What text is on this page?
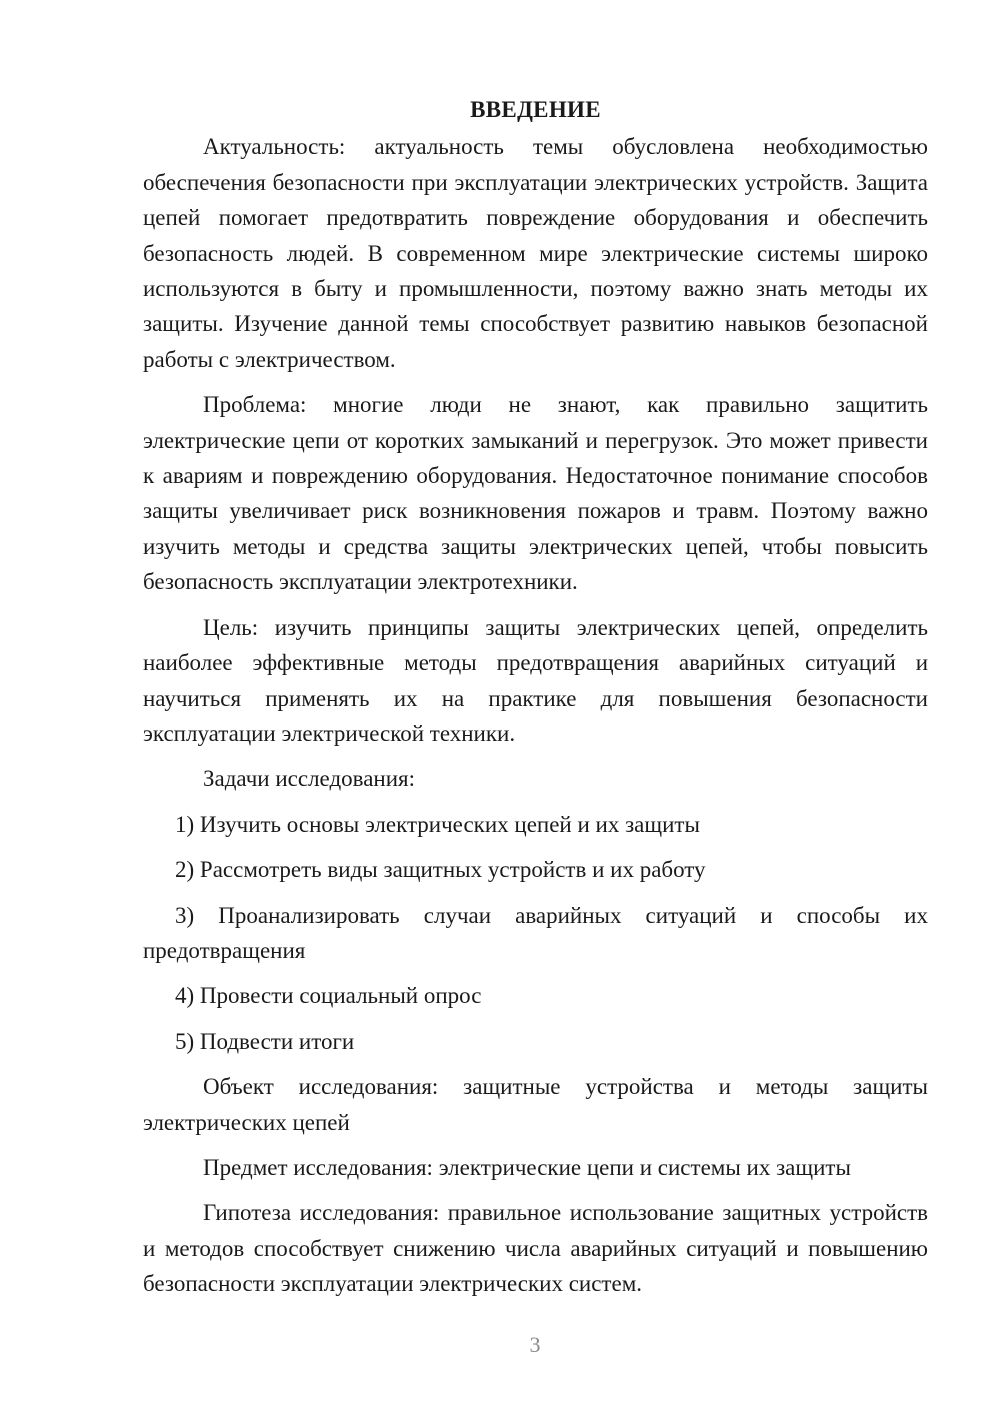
ВВЕДЕНИЕ

Актуальность: актуальность темы обусловлена необходимостью обеспечения безопасности при эксплуатации электрических устройств. Защита цепей помогает предотвратить повреждение оборудования и обеспечить безопасность людей. В современном мире электрические системы широко используются в быту и промышленности, поэтому важно знать методы их защиты. Изучение данной темы способствует развитию навыков безопасной работы с электричеством.

Проблема: многие люди не знают, как правильно защитить электрические цепи от коротких замыканий и перегрузок. Это может привести к авариям и повреждению оборудования. Недостаточное понимание способов защиты увеличивает риск возникновения пожаров и травм. Поэтому важно изучить методы и средства защиты электрических цепей, чтобы повысить безопасность эксплуатации электротехники.

Цель: изучить принципы защиты электрических цепей, определить наиболее эффективные методы предотвращения аварийных ситуаций и научиться применять их на практике для повышения безопасности эксплуатации электрической техники.

Задачи исследования:

1) Изучить основы электрических цепей и их защиты

2) Рассмотреть виды защитных устройств и их работу

3) Проанализировать случаи аварийных ситуаций и способы их предотвращения

4) Провести социальный опрос

5) Подвести итоги

Объект исследования: защитные устройства и методы защиты электрических цепей

Предмет исследования: электрические цепи и системы их защиты

Гипотеза исследования: правильное использование защитных устройств и методов способствует снижению числа аварийных ситуаций и повышению безопасности эксплуатации электрических систем.

3
